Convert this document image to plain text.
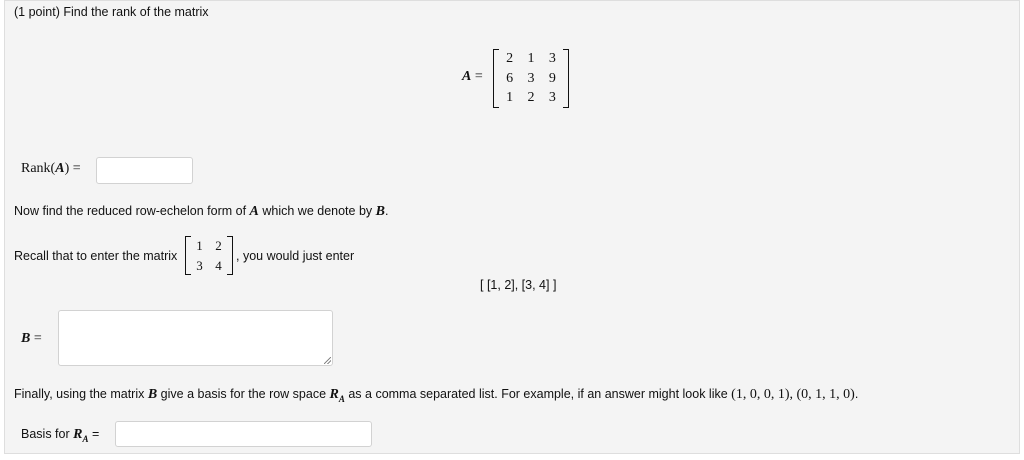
(1 point) Find the rank of the matrix
A =
2	1	3
6	3	9
1	2	3
Rank(A) =
Now find the reduced row-echelon form of A which we denote by B.
Recall that to enter the matrix
1 2
3 4
, you would just enter
[ [1, 2], [3, 4] ]
B =
Finally, using the matrix B give a basis for the row space $R_A$ as a comma separated list. For example, if an answer might look like (1, 0, 0, 1), (0, 1, 1, 0).
Basis for $R_A$ =
